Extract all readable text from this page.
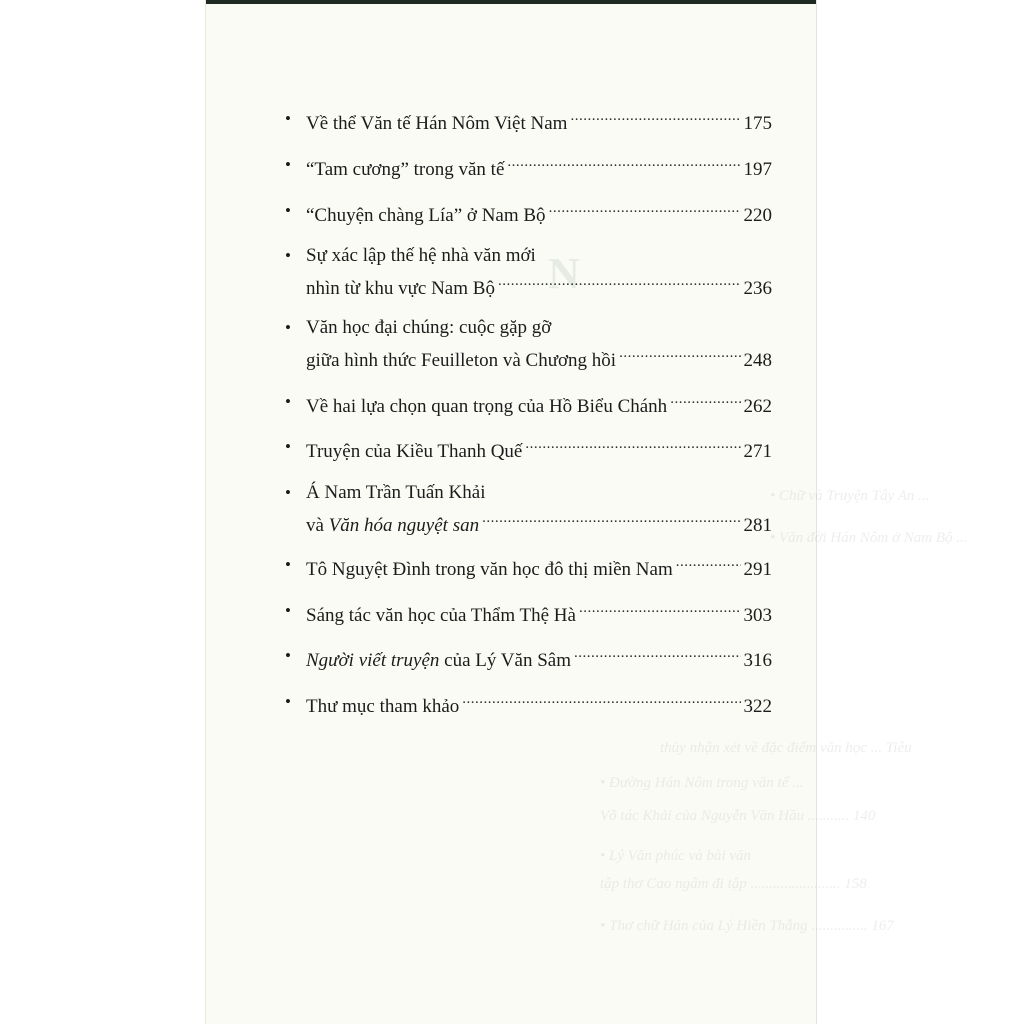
N
• Chữ và Truyện Tây An ...
• Văn đời Hán Nôm ở Nam Bộ ...
thủy nhận xét về đặc điểm văn học ... Tiêu
• Đường Hán Nôm trong văn tế ...
Võ tác Khải của Nguyễn Văn Hầu ........... 140
• Lý Văn phúc và bài văn
tập thơ Cao ngâm đi tập ........................ 158
• Thơ chữ Hán của Lý Hiền Thắng ............... 167
• Về thể Văn tế Hán Nôm Việt Nam .....	175
• “Tam cương” trong văn tế .....	197
• “Chuyện chàng Lía” ở Nam Bộ .....	220
• Sự xác lập thế hệ nhà văn mới
nhìn từ khu vực Nam Bộ .....	236
• Văn học đại chúng: cuộc gặp gỡ
giữa hình thức Feuilleton và Chương hồi .....	248
• Về hai lựa chọn quan trọng của Hồ Biểu Chánh .....	262
• Truyện của Kiều Thanh Quế .....	271
• Á Nam Trần Tuấn Khải
và Văn hóa nguyệt san .....	281
• Tô Nguyệt Đình trong văn học đô thị miền Nam .....	291
• Sáng tác văn học của Thẩm Thệ Hà .....	303
• Người viết truyện của Lý Văn Sâm .....	316
• Thư mục tham khảo .....	322
